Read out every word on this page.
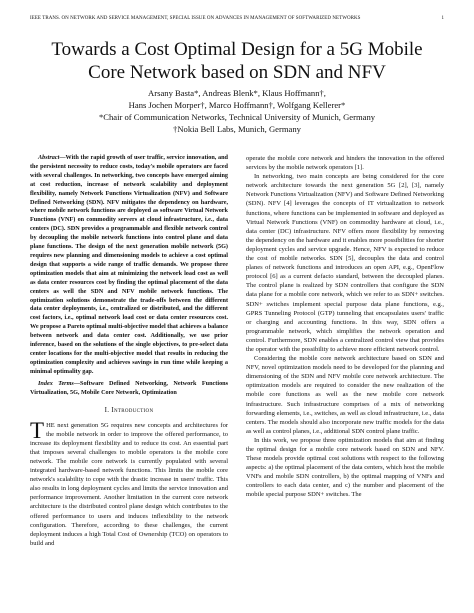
IEEE TRANS. ON NETWORK AND SERVICE MANAGEMENT, SPECIAL ISSUE ON ADVANCES IN MANAGEMENT OF SOFTWARIZED NETWORKS	1
Towards a Cost Optimal Design for a 5G Mobile
Core Network based on SDN and NFV
Arsany Basta*, Andreas Blenk*, Klaus Hoffmann†,
Hans Jochen Morper†, Marco Hoffmann†, Wolfgang Kellerer*
*Chair of Communication Networks, Technical University of Munich, Germany
†Nokia Bell Labs, Munich, Germany

Abstract—With the rapid growth of user traffic, service innovation, and the persistent necessity to reduce costs, today's mobile operators are faced with several challenges. In networking, two concepts have emerged aiming at cost reduction, increase of network scalability and deployment flexibility, namely Network Functions Virtualization (NFV) and Software Defined Networking (SDN). NFV mitigates the dependency on hardware, where mobile network functions are deployed as software Virtual Network Functions (VNF) on commodity servers at cloud infrastructure, i.e., data centers (DC). SDN provides a programmable and flexible network control by decoupling the mobile network functions into control plane and data plane functions. The design of the next generation mobile network (5G) requires new planning and dimensioning models to achieve a cost optimal design that supports a wide range of traffic demands. We propose three optimization models that aim at minimizing the network load cost as well as data center resources cost by finding the optimal placement of the data centers as well the SDN and NFV mobile network functions. The optimization solutions demonstrate the trade-offs between the different data center deployments, i.e., centralized or distributed, and the different cost factors, i.e., optimal network load cost or data center resources cost. We propose a Pareto optimal multi-objective model that achieves a balance between network and data center cost. Additionally, we use prior inference, based on the solutions of the single objectives, to pre-select data center locations for the multi-objective model that results in reducing the optimization complexity and achieves savings in run time while keeping a minimal optimality gap.

Index Terms—Software Defined Networking, Network Functions Virtualization, 5G, Mobile Core Network, Optimization

I. Introduction

THE next generation 5G requires new concepts and architectures for the mobile network in order to improve the offered performance, to increase its deployment flexibility and to reduce its cost. An essential part that imposes several challenges to mobile operators is the mobile core network. The mobile core network is currently populated with several integrated hardware-based network functions. This limits the mobile core network's scalability to cope with the drastic increase in users' traffic. This also results in long deployment cycles and limits the service innovation and performance improvement. Another limitation in the current core network architecture is the distributed control plane design which contributes to the offered performance to users and induces inflexibility to the network configuration. Therefore, according to these challenges, the current deployment induces a high Total Cost of Ownership (TCO) on operators to build and

operate the mobile core network and hinders the innovation in the offered services by the mobile network operators [1].

In networking, two main concepts are being considered for the core network architecture towards the next generation 5G [2], [3], namely Network Functions Virtualization (NFV) and Software Defined Networking (SDN). NFV [4] leverages the concepts of IT virtualization to network functions, where functions can be implemented in software and deployed as Virtual Network Functions (VNF) on commodity hardware at cloud, i.e., data center (DC) infrastructure. NFV offers more flexibility by removing the dependency on the hardware and it enables more possibilities for shorter deployment cycles and service upgrade. Hence, NFV is expected to reduce the cost of mobile networks. SDN [5], decouples the data and control planes of network functions and introduces an open API, e.g., OpenFlow protocol [6] as a current defacto standard, between the decoupled planes. The control plane is realized by SDN controllers that configure the SDN data plane for a mobile core network, which we refer to as SDN+ switches. SDN+ switches implement special purpose data plane functions, e.g., GPRS Tunneling Protocol (GTP) tunneling that encapsulates users' traffic or charging and accounting functions. In this way, SDN offers a programmable network, which simplifies the network operation and control. Furthermore, SDN enables a centralized control view that provides the operator with the possibility to achieve more efficient network control.

Considering the mobile core network architecture based on SDN and NFV, novel optimization models need to be developed for the planning and dimensioning of the SDN and NFV mobile core network architecture. The optimization models are required to consider the new realization of the mobile core functions as well as the new mobile core network infrastructure. Such infrastructure comprises of a mix of networking forwarding elements, i.e., switches, as well as cloud infrastructure, i.e., data centers. The models should also incorporate new traffic models for the data as well as control planes, i.e., additional SDN control plane traffic.

In this work, we propose three optimization models that aim at finding the optimal design for a mobile core network based on SDN and NFV. These models provide optimal cost solutions with respect to the following aspects: a) the optimal placement of the data centers, which host the mobile VNFs and mobile SDN controllers, b) the optimal mapping of VNFs and controllers to each data center, and c) the number and placement of the mobile special purpose SDN+ switches. The
